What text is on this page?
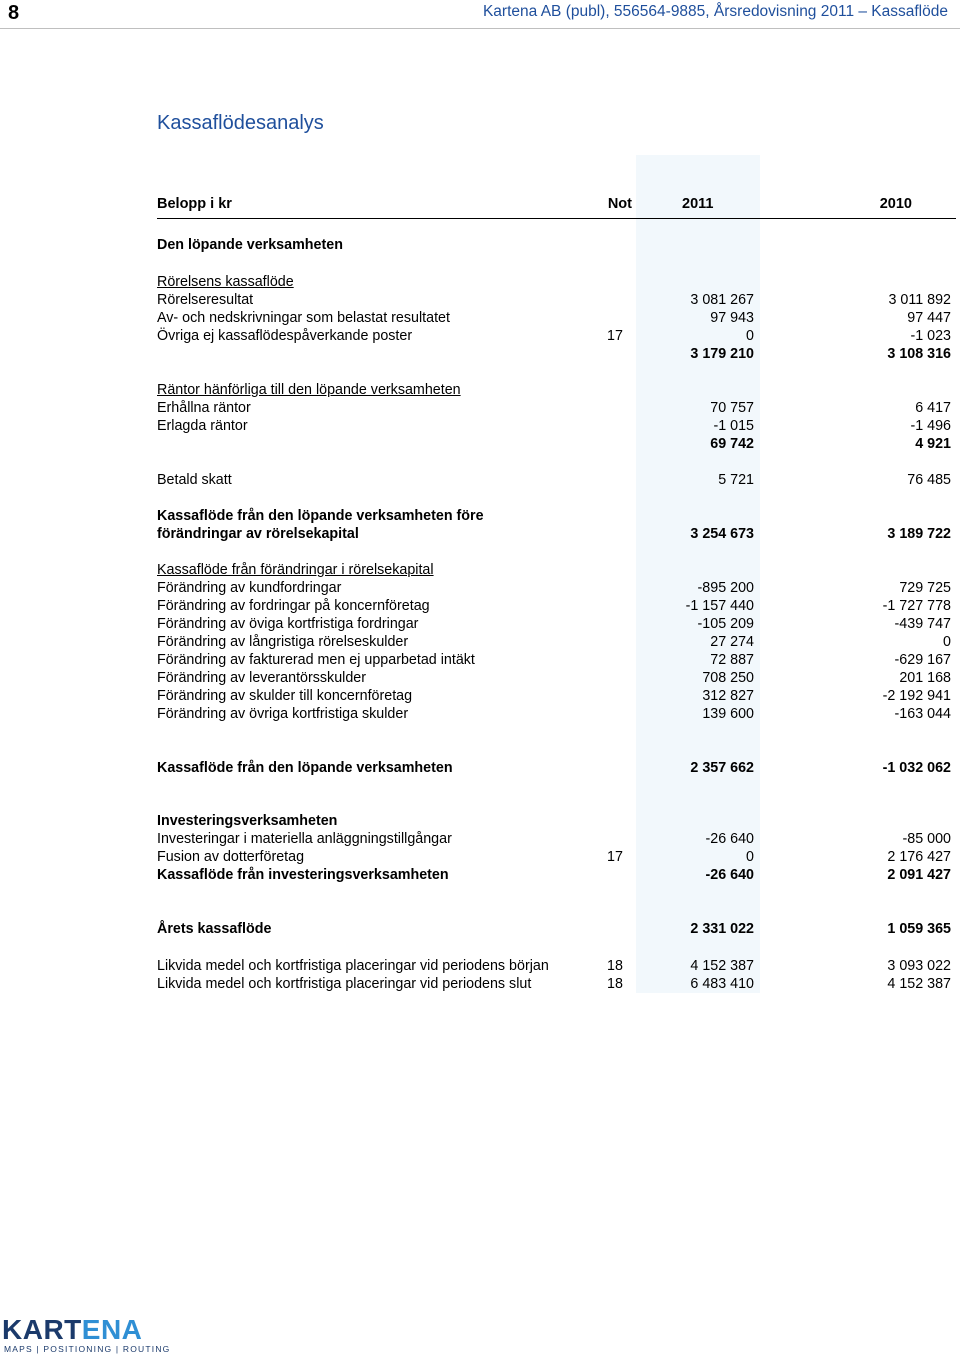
8	Kartena AB (publ), 556564-9885, Årsredovisning 2011 – Kassaflöde
Kassaflödesanalys
Belopp i kr	Not	2011	2010
Den löpande verksamheten
Rörelsens kassaflöde
Rörelseresultat	3 081 267	3 011 892
Av- och nedskrivningar som belastat resultatet	97 943	97 447
Övriga ej kassaflödespåverkande poster	17	0	-1 023
3 179 210	3 108 316
Räntor hänförliga till den löpande verksamheten
Erhållna räntor	70 757	6 417
Erlagda räntor	-1 015	-1 496
69 742	4 921
Betald skatt	5 721	76 485
Kassaflöde från den löpande verksamheten före
förändringar av rörelsekapital	3 254 673	3 189 722
Kassaflöde från förändringar i rörelsekapital
Förändring av kundfordringar	-895 200	729 725
Förändring av fordringar på koncernföretag	-1 157 440	-1 727 778
Förändring av öviga kortfristiga fordringar	-105 209	-439 747
Förändring av långristiga rörelseskulder	27 274	0
Förändring av fakturerad men ej upparbetad intäkt	72 887	-629 167
Förändring av leverantörsskulder	708 250	201 168
Förändring av skulder till koncernföretag	312 827	-2 192 941
Förändring av övriga kortfristiga skulder	139 600	-163 044
Kassaflöde från den löpande verksamheten	2 357 662	-1 032 062
Investeringsverksamheten
Investeringar i materiella anläggningstillgångar	-26 640	-85 000
Fusion av dotterföretag	17	0	2 176 427
Kassaflöde från investeringsverksamheten	-26 640	2 091 427
Årets kassaflöde	2 331 022	1 059 365
Likvida medel och kortfristiga placeringar vid periodens början	18	4 152 387	3 093 022
Likvida medel och kortfristiga placeringar vid periodens slut	18	6 483 410	4 152 387
KARTENA
MAPS | POSITIONING | ROUTING
